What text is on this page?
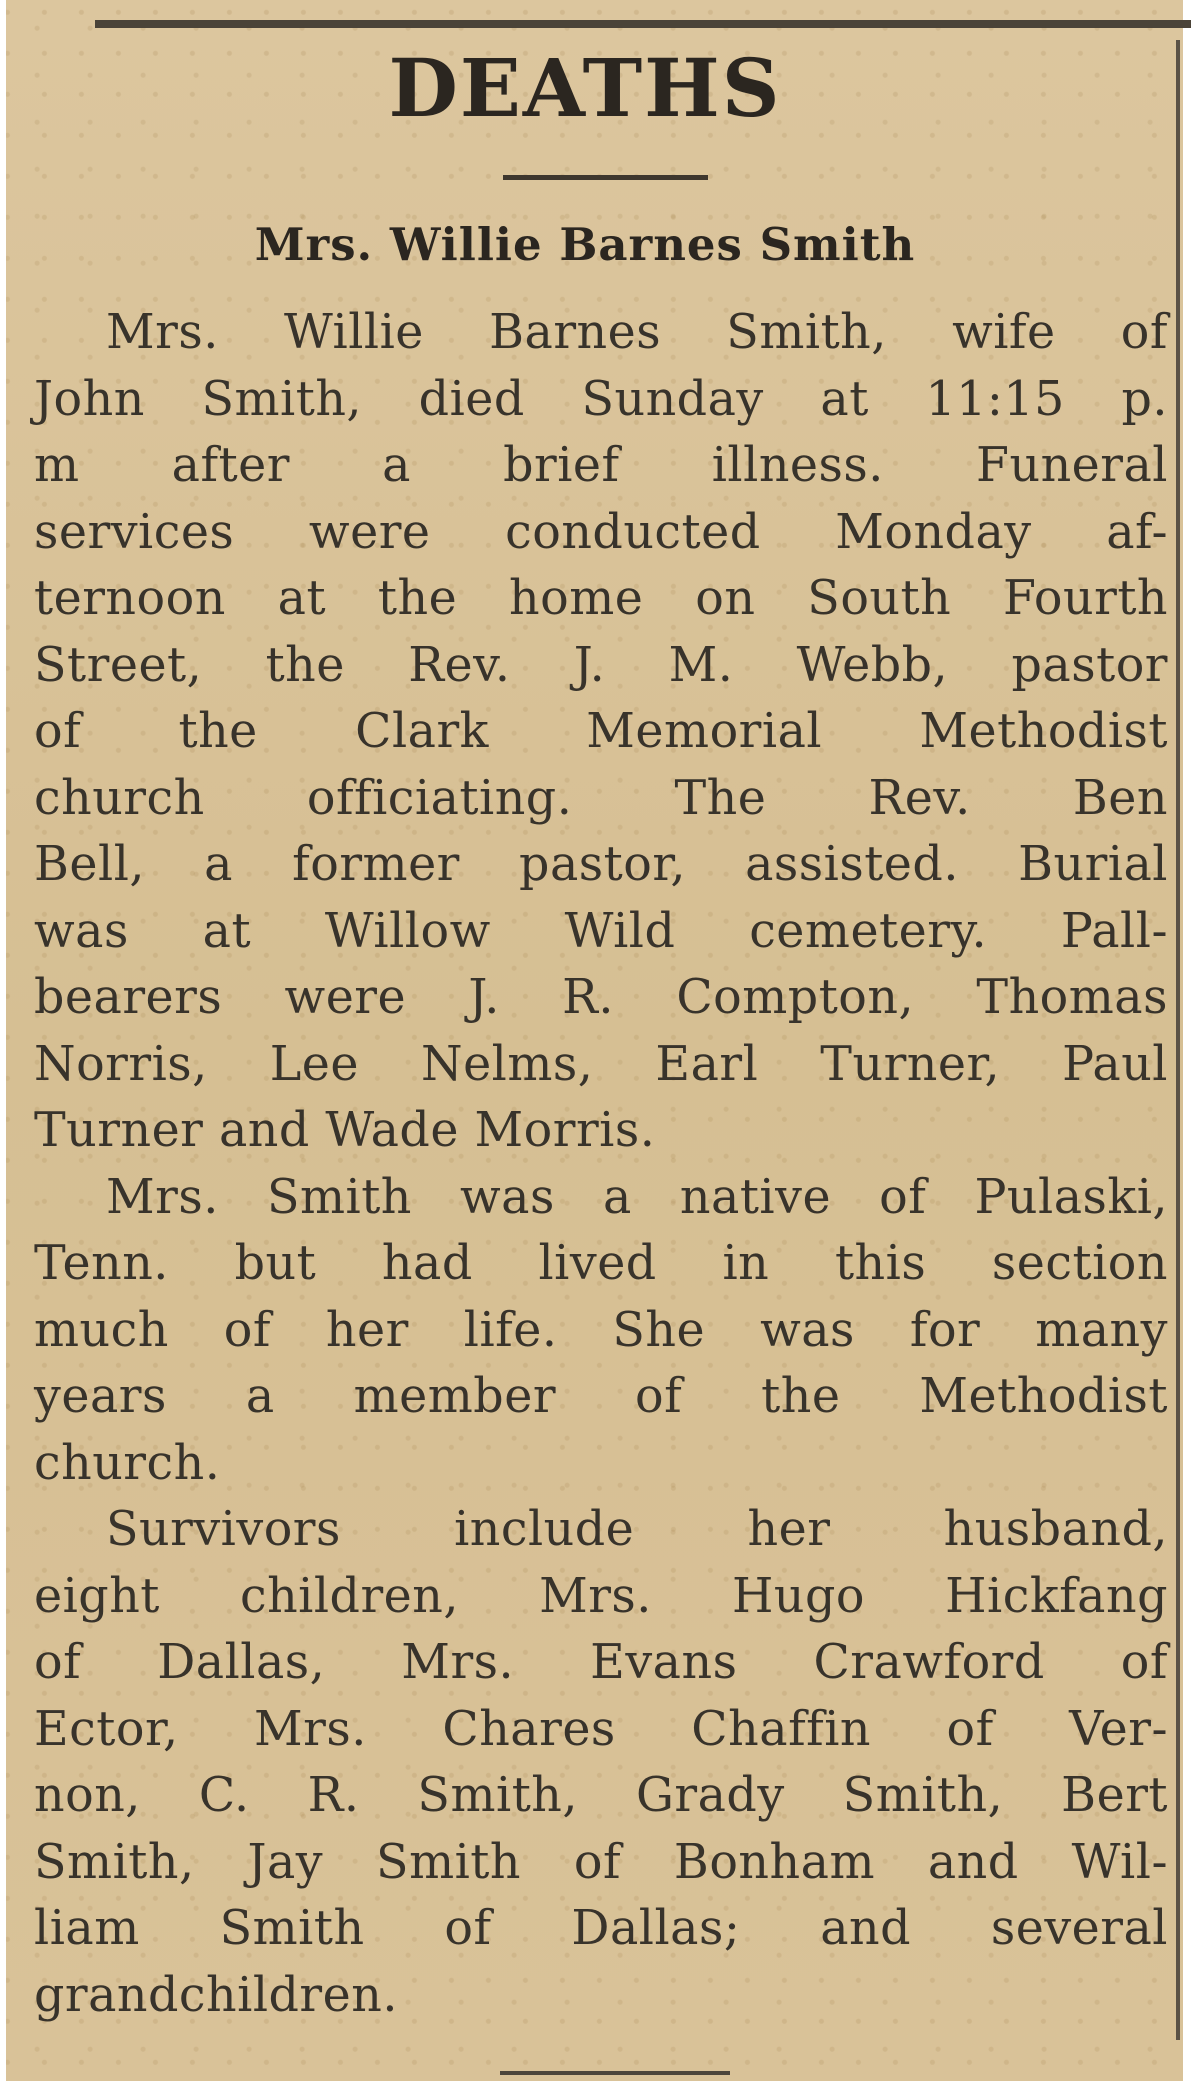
DEATHS
Mrs. Willie Barnes Smith
Mrs. Willie Barnes Smith, wife of
John Smith, died Sunday at 11:15 p.
m after a brief illness. Funeral
services were conducted Monday af-
ternoon at the home on South Fourth
Street, the Rev. J. M. Webb, pastor
of the Clark Memorial Methodist
church officiating. The Rev. Ben
Bell, a former pastor, assisted. Burial
was at Willow Wild cemetery. Pall-
bearers were J. R. Compton, Thomas
Norris, Lee Nelms, Earl Turner, Paul
Turner and Wade Morris.
Mrs. Smith was a native of Pulaski,
Tenn. but had lived in this section
much of her life. She was for many
years a member of the Methodist
church.
Survivors include her husband,
eight children, Mrs. Hugo Hickfang
of Dallas, Mrs. Evans Crawford of
Ector, Mrs. Chares Chaffin of Ver-
non, C. R. Smith, Grady Smith, Bert
Smith, Jay Smith of Bonham and Wil-
liam Smith of Dallas; and several
grandchildren.
